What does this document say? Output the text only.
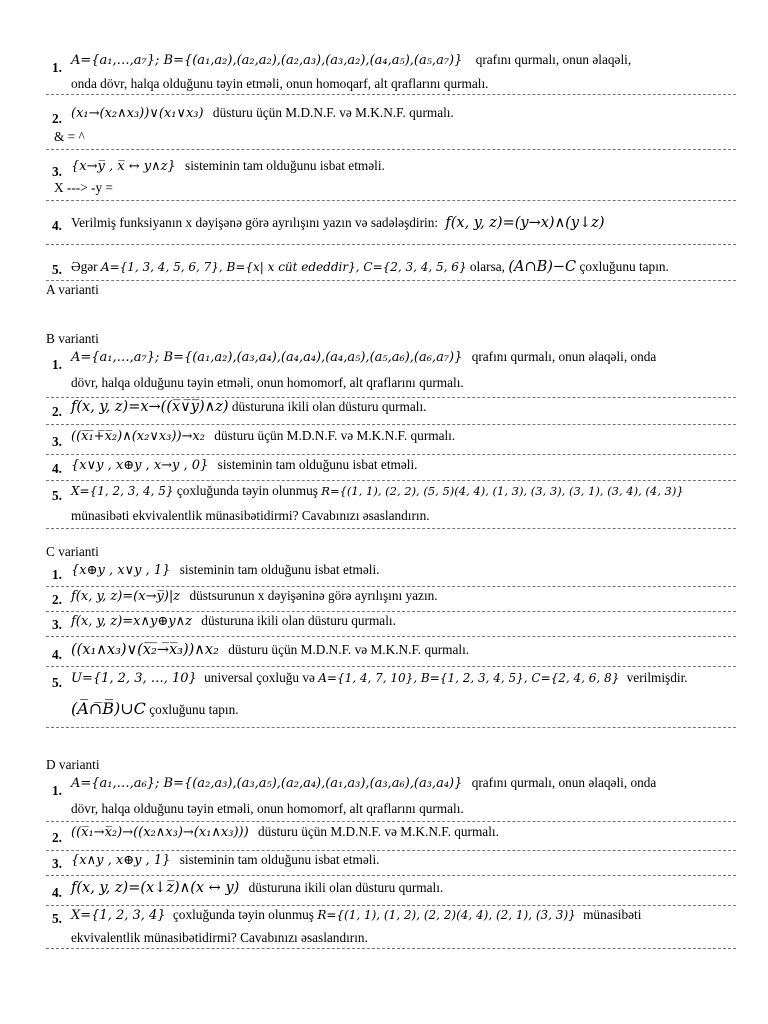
1. A={a₁,…,a₇}; B={(a₁,a₂),(a₂,a₂),(a₂,a₃),(a₃,a₂),(a₄,a₅),(a₅,a₇)} qrafını qurmalı, onun əlaqəli,
onda dövr, halqa olduğunu təyin etməli, onun homoqarf, alt qraflarını qurmalı.
2. (x₁→(x₂∧x₃))∨(x₁∨x₃) düsturu üçün M.D.N.F. və M.K.N.F. qurmalı.
& = ^
3. {x→y̅ , x̅ ↔ y∧z} sisteminin tam olduğunu isbat etməli.
X ---> -y =
4. Verilmiş funksiyanın x dəyişənə görə ayrılışını yazın və sadələşdirin: f(x, y, z)=(y→x)∧(y↓z)
5. Əgər A={1, 3, 4, 5, 6, 7}, B={x| x cüt ededdir}, C={2, 3, 4, 5, 6} olarsa, (A∩B)−C çoxluğunu tapın.
A varianti
B varianti
1. A={a₁,…,a₇}; B={(a₁,a₂),(a₃,a₄),(a₄,a₄),(a₄,a₅),(a₅,a₆),(a₆,a₇)} qrafını qurmalı, onun əlaqəli, onda
dövr, halqa olduğunu təyin etməli, onun homomorf, alt qraflarını qurmalı.
2. f(x, y, z)=x→((x̅∨̅y̅)∧z) düsturuna ikili olan düsturu qurmalı.
3. ((x̅₁̅+̅x̅₂)∧(x₂∨x₃))→x₂ düsturu üçün M.D.N.F. və M.K.N.F. qurmalı.
4. {x∨y , x⊕y , x→y , 0} sisteminin tam olduğunu isbat etməli.
5. X={1, 2, 3, 4, 5} çoxluğunda təyin olunmuş R={(1, 1), (2, 2), (5, 5)(4, 4), (1, 3), (3, 3), (3, 1), (3, 4), (4, 3)}
münasibəti ekvivalentlik münasibətidirmi? Cavabınızı əsaslandırın.
C varianti
1. {x⊕y , x∨y , 1} sisteminin tam olduğunu isbat etməli.
2. f(x, y, z)=(x→y̅)|z düstsurunun x dəyişəninə görə ayrılışını yazın.
3. f(x, y, z)=x∧y⊕y∧z düsturuna ikili olan düsturu qurmalı.
4. ((x₁∧x₃)∨(x̅₂̅→̅x̅₃))∧x₂ düsturu üçün M.D.N.F. və M.K.N.F. qurmalı.
5. U={1, 2, 3, …, 10} universal çoxluğu və A={1, 4, 7, 10}, B={1, 2, 3, 4, 5}, C={2, 4, 6, 8} verilmişdir.
(A̅∩̅B̅)∪C çoxluğunu tapın.
D varianti
1. A={a₁,…,a₆}; B={(a₂,a₃),(a₃,a₅),(a₂,a₄),(a₁,a₃),(a₃,a₆),(a₃,a₄)} qrafını qurmalı, onun əlaqəli, onda
dövr, halqa olduğunu təyin etməli, onun homomorf, alt qraflarını qurmalı.
2. ((x̅₁→x̅₂)→((x₂∧x₃)→(x₁∧x₃))) düsturu üçün M.D.N.F. və M.K.N.F. qurmalı.
3. {x∧y , x⊕y , 1} sisteminin tam olduğunu isbat etməli.
4. f(x, y, z)=(x↓z̅)∧(x ↔ y) düsturuna ikili olan düsturu qurmalı.
5. X={1, 2, 3, 4} çoxluğunda təyin olunmuş R={(1, 1), (1, 2), (2, 2)(4, 4), (2, 1), (3, 3)} münasibəti
ekvivalentlik münasibətidirmi? Cavabınızı əsaslandırın.
